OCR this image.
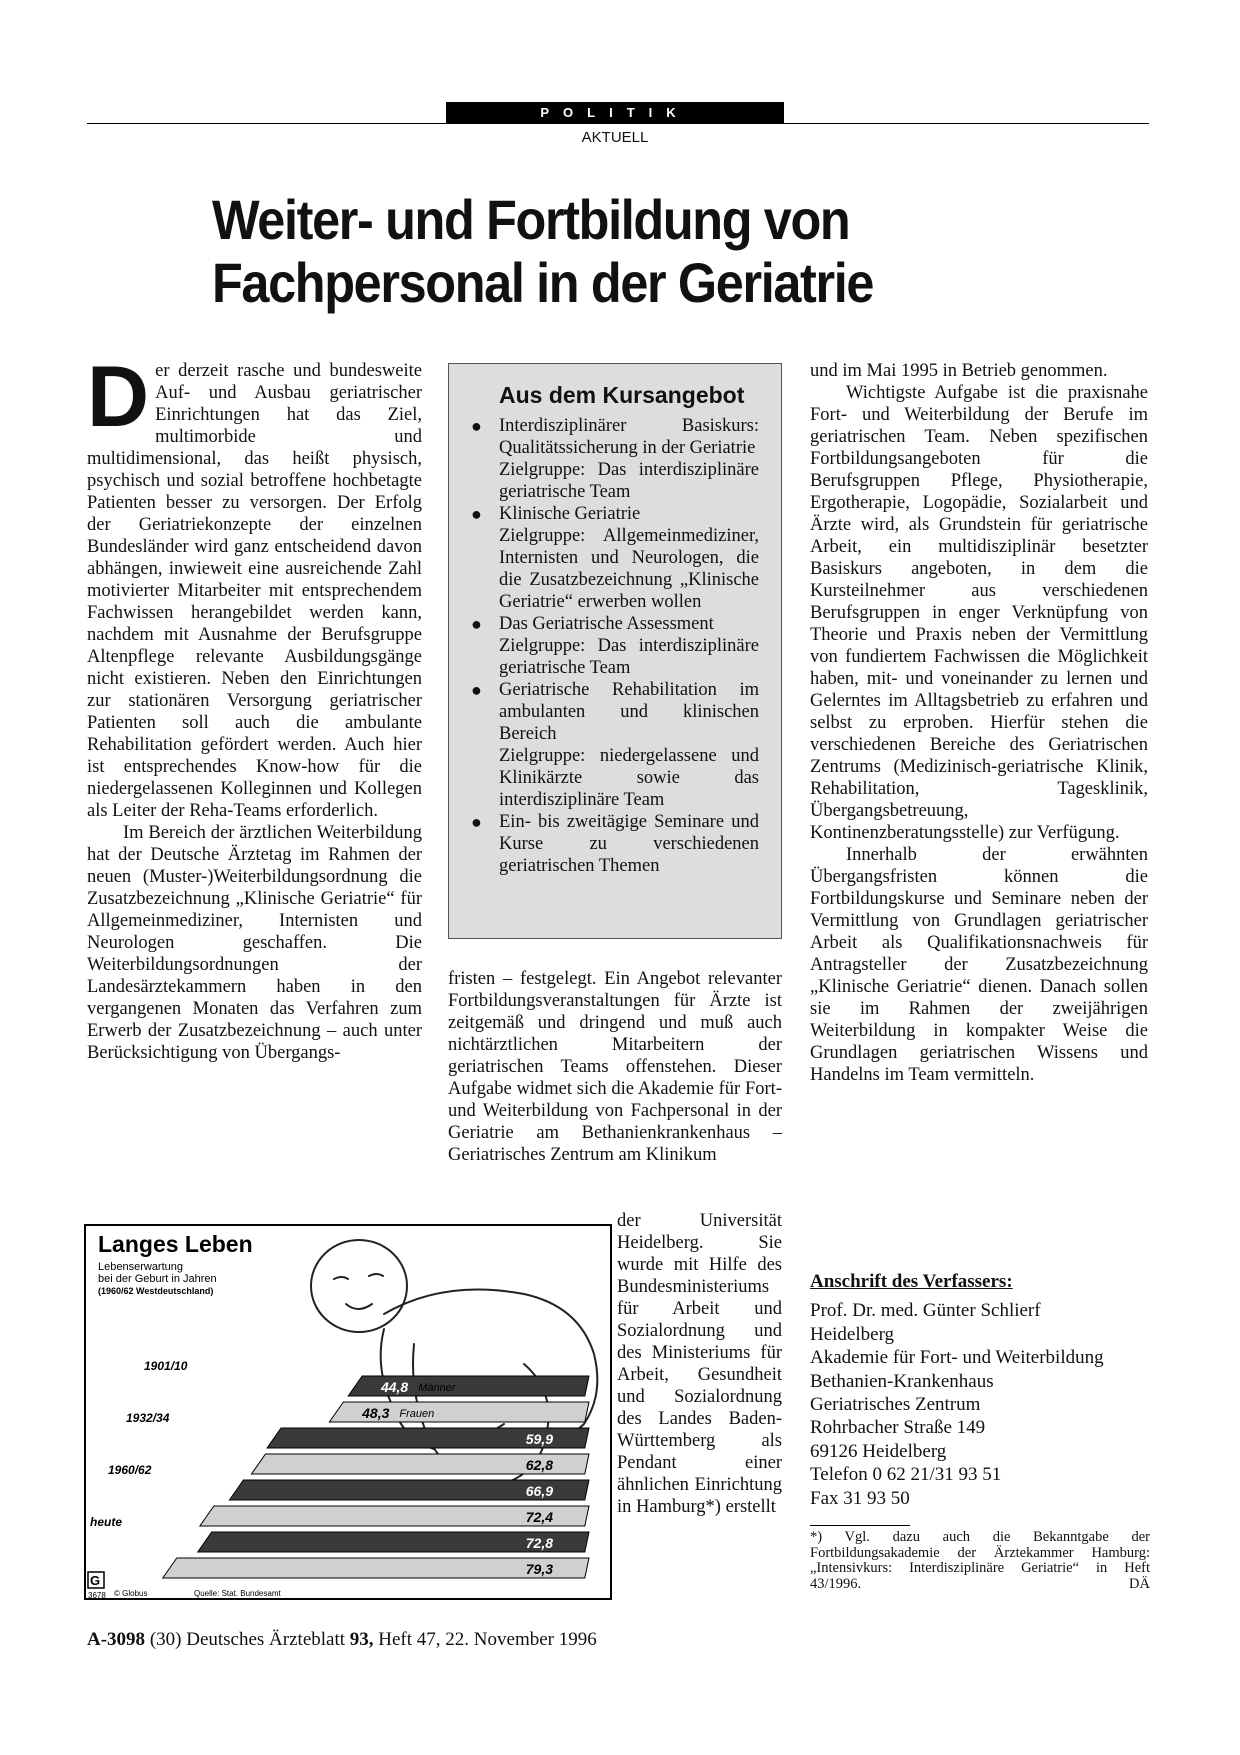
POLITIK
AKTUELL
Weiter- und Fortbildung von
Fachpersonal in der Geriatrie

Der derzeit rasche und bundesweite Auf- und Ausbau geriatrischer Einrichtungen hat das Ziel, multimorbide und multidimensional, das heißt physisch, psychisch und sozial betroffene hochbetagte Patienten besser zu versorgen. Der Erfolg der Geriatriekonzepte der einzelnen Bundesländer wird ganz entscheidend davon abhängen, inwieweit eine ausreichende Zahl motivierter Mitarbeiter mit entsprechendem Fachwissen herangebildet werden kann, nachdem mit Ausnahme der Berufsgruppe Altenpflege relevante Ausbildungsgänge nicht existieren. Neben den Einrichtungen zur stationären Versorgung geriatrischer Patienten soll auch die ambulante Rehabilitation gefördert werden. Auch hier ist entsprechendes Know-how für die niedergelassenen Kolleginnen und Kollegen als Leiter der Reha-Teams erforderlich.

Im Bereich der ärztlichen Weiterbildung hat der Deutsche Ärztetag im Rahmen der neuen (Muster-)Weiterbildungsordnung die Zusatzbezeichnung „Klinische Geriatrie“ für Allgemeinmediziner, Internisten und Neurologen geschaffen. Die Weiterbildungsordnungen der Landesärztekammern haben in den vergangenen Monaten das Verfahren zum Erwerb der Zusatzbezeichnung – auch unter Berücksichtigung von Übergangs-

Aus dem Kursangebot
● Interdisziplinärer Basiskurs: Qualitätssicherung in der Geriatrie
Zielgruppe: Das interdisziplinäre geriatrische Team
● Klinische Geriatrie
Zielgruppe: Allgemeinmediziner, Internisten und Neurologen, die die Zusatzbezeichnung „Klinische Geriatrie“ erwerben wollen
● Das Geriatrische Assessment
Zielgruppe: Das interdisziplinäre geriatrische Team
● Geriatrische Rehabilitation im ambulanten und klinischen Bereich
Zielgruppe: niedergelassene und Klinikärzte sowie das interdisziplinäre Team
● Ein- bis zweitägige Seminare und Kurse zu verschiedenen geriatrischen Themen

fristen – festgelegt. Ein Angebot relevanter Fortbildungsveranstaltungen für Ärzte ist zeitgemäß und dringend und muß auch nichtärztlichen Mitarbeitern der geriatrischen Teams offenstehen. Dieser Aufgabe widmet sich die Akademie für Fort- und Weiterbildung von Fachpersonal in der Geriatrie am Bethanienkrankenhaus – Geriatrisches Zentrum am Klinikum

der Universität Heidelberg. Sie wurde mit Hilfe des Bundesministeriums für Arbeit und Sozialordnung und des Ministeriums für Arbeit, Gesundheit und Sozialordnung des Landes Baden-Württemberg als Pendant einer ähnlichen Einrichtung in Hamburg*) erstellt

und im Mai 1995 in Betrieb genommen.

Wichtigste Aufgabe ist die praxisnahe Fort- und Weiterbildung der Berufe im geriatrischen Team. Neben spezifischen Fortbildungsangeboten für die Berufsgruppen Pflege, Physiotherapie, Ergotherapie, Logopädie, Sozialarbeit und Ärzte wird, als Grundstein für geriatrische Arbeit, ein multidisziplinär besetzter Basiskurs angeboten, in dem die Kursteilnehmer aus verschiedenen Berufsgruppen in enger Verknüpfung von Theorie und Praxis neben der Vermittlung von fundiertem Fachwissen die Möglichkeit haben, mit- und voneinander zu lernen und Gelerntes im Alltagsbetrieb zu erfahren und selbst zu erproben. Hierfür stehen die verschiedenen Bereiche des Geriatrischen Zentrums (Medizinisch-geriatrische Klinik, Rehabilitation, Tagesklinik, Übergangsbetreuung, Kontinenzberatungsstelle) zur Verfügung.

Innerhalb der erwähnten Übergangsfristen können die Fortbildungskurse und Seminare neben der Vermittlung von Grundlagen geriatrischer Arbeit als Qualifikationsnachweis für Antragsteller der Zusatzbezeichnung „Klinische Geriatrie“ dienen. Danach sollen sie im Rahmen der zweijährigen Weiterbildung in kompakter Weise die Grundlagen geriatrischen Wissens und Handelns im Team vermitteln.

Anschrift des Verfassers:
Prof. Dr. med. Günter Schlierf
Heidelberg
Akademie für Fort- und Weiterbildung
Bethanien-Krankenhaus
Geriatrisches Zentrum
Rohrbacher Straße 149
69126 Heidelberg
Telefon 0 62 21/31 93 51
Fax 31 93 50
*) Vgl. dazu auch die Bekanntgabe der Fortbildungsakademie der Ärztekammer Hamburg: „Intensivkurs: Interdisziplinäre Geriatrie“ in Heft 43/1996.	DÄ
A-3098 (30) Deutsches Ärzteblatt 93, Heft 47, 22. November 1996
44,8 Männer
48,3 Frauen
1901/10
59,9
62,8
1932/34
66,9
72,4
1960/62
72,8
79,3
heute
Langes Leben
Lebenserwartung bei der Geburt in Jahren
(1960/62 Westdeutschland)
G
3678 © Globus	Quelle: Stat. Bundesamt
